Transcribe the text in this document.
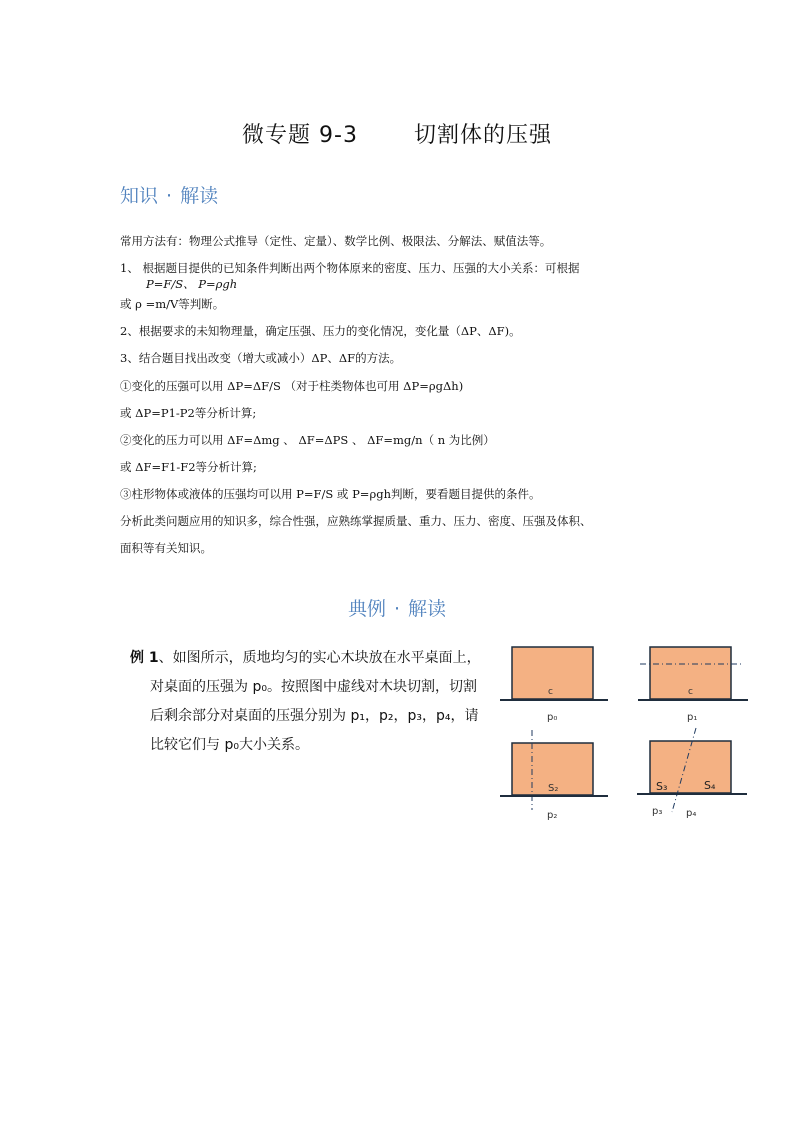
微专题 9-3	切割体的压强
知识 · 解读
常用方法有：物理公式推导（定性、定量）、数学比例、极限法、分解法、赋值法等。
1、 根据题目提供的已知条件判断出两个物体原来的密度、压力、压强的大小关系：可根据
P=F/S、 P=ρgh
或 ρ =m/V等判断。
2、根据要求的未知物理量，确定压强、压力的变化情况，变化量（ΔP、ΔF)。
3、结合题目找出改变（增大或减小）ΔP、ΔF的方法。
①变化的压强可以用 ΔP=ΔF/S （对于柱类物体也可用 ΔP=ρgΔh)
或 ΔP=P1-P2等分析计算;
②变化的压力可以用 ΔF=Δmg 、 ΔF=ΔPS 、 ΔF=mg/n（ n 为比例）
或 ΔF=F1-F2等分析计算;
③柱形物体或液体的压强均可以用 P=F/S 或 P=ρgh判断，要看题目提供的条件。
分析此类问题应用的知识多，综合性强，应熟练掌握质量、重力、压力、密度、压强及体积、
面积等有关知识。
典例 · 解读
例 1、如图所示，质地均匀的实心木块放在水平桌面上，
对桌面的压强为 p₀。按照图中虚线对木块切割，切割
后剩余部分对桌面的压强分别为 p₁，p₂，p₃，p₄，请
比较它们与 p₀大小关系。
c
p₀
c
p₁
S₂
p₂
S₃	S₄
p₃ p₄
